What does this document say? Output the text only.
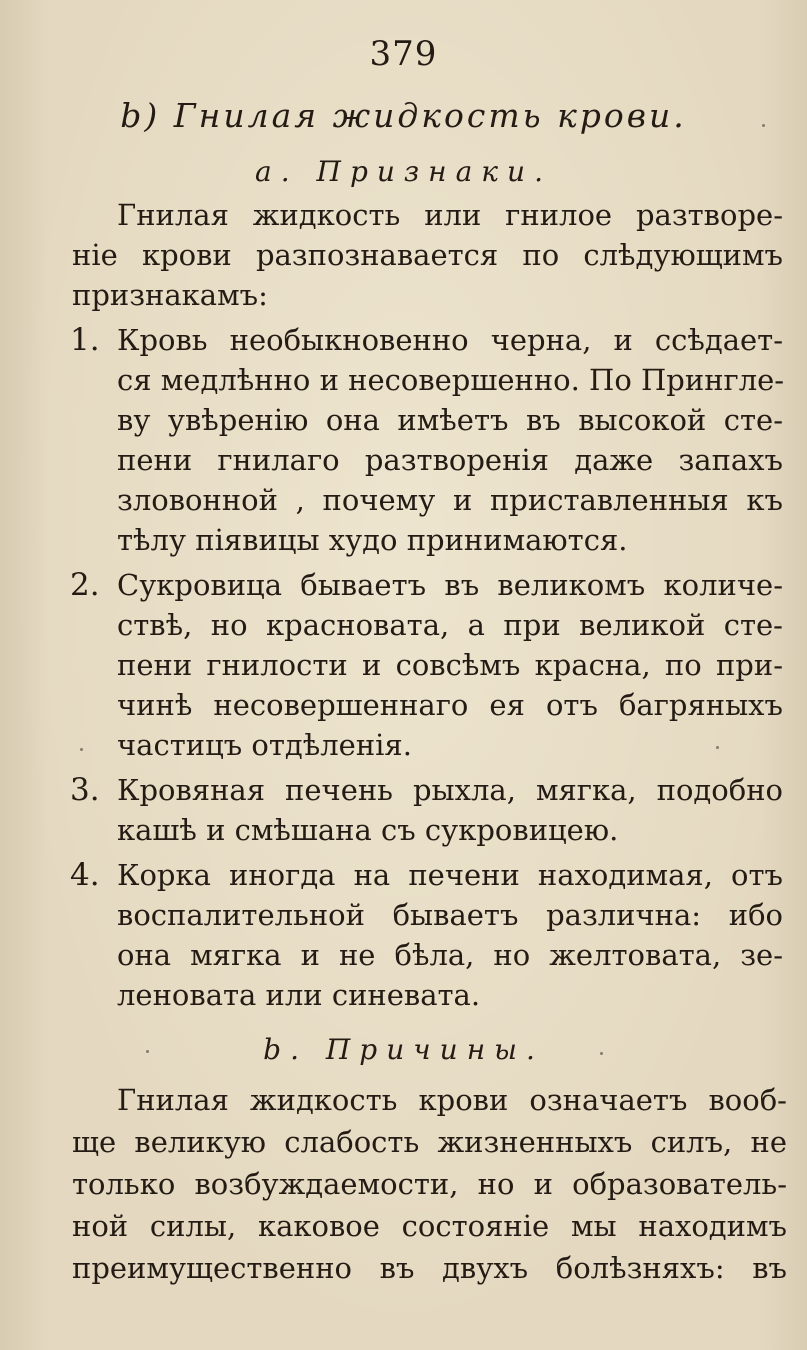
379
b) Гнилая жидкость крови.
a. Признаки.
Гнилая жидкость или гнилое разтворе-
ніе крови разпознавается по слѣдующимъ
признакамъ:
1. Кровь необыкновенно черна, и ссѣдает-
ся медлѣнно и несовершенно. По Прингле-
ву увѣренію она имѣетъ въ высокой сте-
пени гнилаго разтворенія даже запахъ
зловонной , почему и приставленныя къ
тѣлу піявицы худо принимаются.
2. Сукровица бываетъ въ великомъ количе-
ствѣ, но красновата, а при великой сте-
пени гнилости и совсѣмъ красна, по при-
чинѣ несовершеннаго ея отъ багряныхъ
частицъ отдѣленія.
3. Кровяная печень рыхла, мягка, подобно
кашѣ и смѣшана съ сукровицею.
4. Корка иногда на печени находимая, отъ
воспалительной бываетъ различна: ибо
она мягка и не бѣла, но желтовата, зе-
леновата или синевата.
b. Причины.
Гнилая жидкость крови означаетъ вооб-
ще великую слабость жизненныхъ силъ, не
только возбуждаемости, но и образователь-
ной силы, каковое состояніе мы находимъ
преимущественно въ двухъ болѣзняхъ: въ
